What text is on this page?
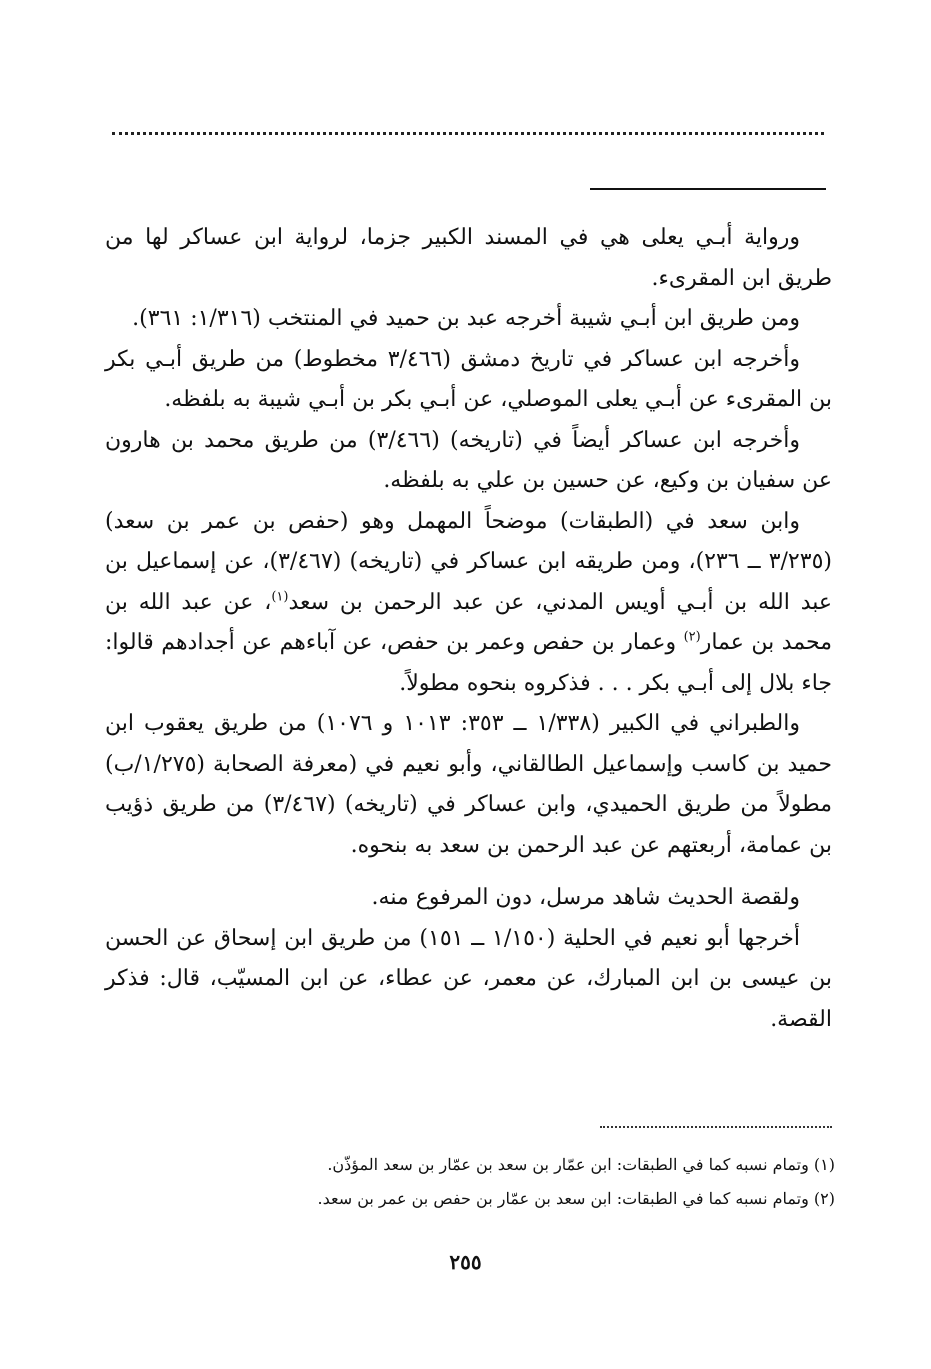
ورواية أبـي يعلى هي في المسند الكبير جزما، لرواية ابن عساكر لها من طريق ابن المقرىء.

ومن طريق ابن أبـي شيبة أخرجه عبد بن حميد في المنتخب (١/٣١٦: ٣٦١).

وأخرجه ابن عساكر في تاريخ دمشق (٣/٤٦٦ مخطوط) من طريق أبـي بكر بن المقرىء عن أبـي يعلى الموصلي، عن أبـي بكر بن أبـي شيبة به بلفظه.

وأخرجه ابن عساكر أيضاً في (تاريخه) (٣/٤٦٦) من طريق محمد بن هارون عن سفيان بن وكيع، عن حسين بن علي به بلفظه.

وابن سعد في (الطبقات) موضحاً المهمل وهو (حفص بن عمر بن سعد) (٣/٢٣٥ ــ ٢٣٦)، ومن طريقه ابن عساكر في (تاريخه) (٣/٤٦٧)، عن إسماعيل بن عبد الله بن أبـي أويس المدني، عن عبد الرحمن بن سعد$^{(١)}$، عن عبد الله بن محمد بن عمار$^{(٢)}$ وعمار بن حفص وعمر بن حفص، عن آباءهم عن أجدادهم قالوا: جاء بلال إلى أبـي بكر . . . فذكروه بنحوه مطولاً.

والطبراني في الكبير (١/٣٣٨ ــ ٣٥٣: ١٠١٣ و ١٠٧٦) من طريق يعقوب ابن حميد بن كاسب وإسماعيل الطالقاني، وأبو نعيم في (معرفة الصحابة (١/٢٧٥/ب) مطولاً من طريق الحميدي، وابن عساكر في (تاريخه) (٣/٤٦٧) من طريق ذؤيب بن عمامة، أربعتهم عن عبد الرحمن بن سعد به بنحوه.

ولقصة الحديث شاهد مرسل، دون المرفوع منه.

أخرجها أبو نعيم في الحلية (١/١٥٠ ــ ١٥١) من طريق ابن إسحاق عن الحسن بن عيسى بن ابن المبارك، عن معمر، عن عطاء، عن ابن المسيّب، قال: فذكر القصة.

(١) وتمام نسبه كما في الطبقات: ابن عمّار بن سعد بن عمّار بن سعد المؤذّن.

(٢) وتمام نسبه كما في الطبقات: ابن سعد بن عمّار بن حفص بن عمر بن سعد.

٢٥٥
